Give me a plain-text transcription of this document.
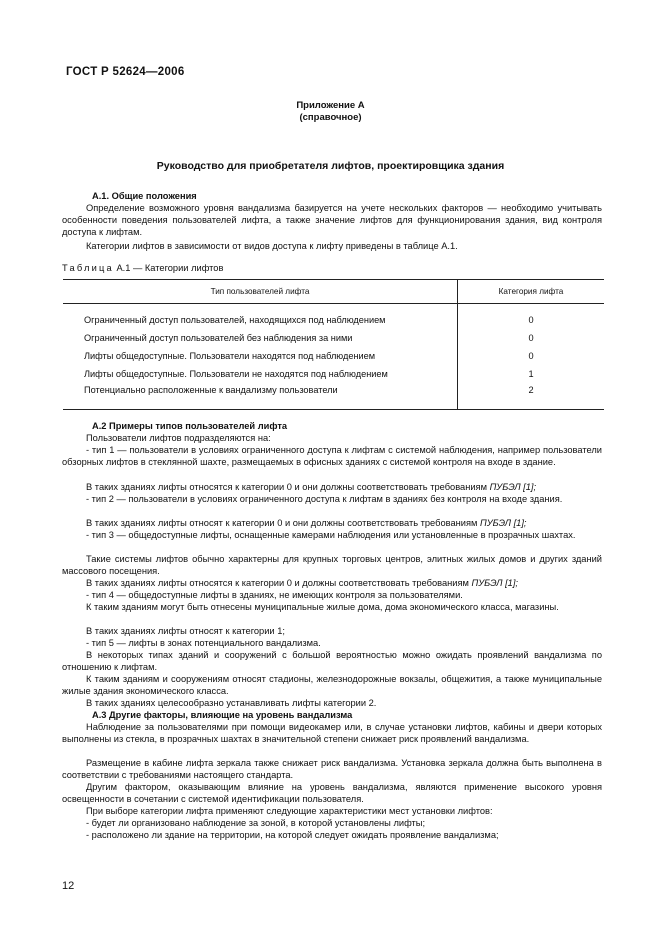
ГОСТ Р 52624—2006
Приложение А
(справочное)
Руководство для приобретателя лифтов, проектировщика здания
А.1. Общие положения
Определение возможного уровня вандализма базируется на учете нескольких факторов — необходимо учитывать особенности поведения пользователей лифта, а также значение лифтов для функционирования здания, вид контроля доступа к лифтам.
Категории лифтов в зависимости от видов доступа к лифту приведены в таблице А.1.
Таблица А.1 — Категории лифтов
Тип пользователей лифта	Категория лифта
Ограниченный доступ пользователей, находящихся под наблюдением	0
Ограниченный доступ пользователей без наблюдения за ними	0
Лифты общедоступные. Пользователи находятся под наблюдением	0
Лифты общедоступные. Пользователи не находятся под наблюдением	1
Потенциально расположенные к вандализму пользователи	2
А.2 Примеры типов пользователей лифта
Пользователи лифтов подразделяются на:
- тип 1 — пользователи в условиях ограниченного доступа к лифтам с системой наблюдения, например пользователи обзорных лифтов в стеклянной шахте, размещаемых в офисных зданиях с системой контроля на входе в здание.
В таких зданиях лифты относятся к категории 0 и они должны соответствовать требованиям ПУБЭЛ [1];
- тип 2 — пользователи в условиях ограниченного доступа к лифтам в зданиях без контроля на входе здания.
В таких зданиях лифты относят к категории 0 и они должны соответствовать требованиям ПУБЭЛ [1];
- тип 3 — общедоступные лифты, оснащенные камерами наблюдения или установленные в прозрачных шахтах.
Такие системы лифтов обычно характерны для крупных торговых центров, элитных жилых домов и других зданий массового посещения.
В таких зданиях лифты относятся к категории 0 и должны соответствовать требованиям ПУБЭЛ [1];
- тип 4 — общедоступные лифты в зданиях, не имеющих контроля за пользователями.
К таким зданиям могут быть отнесены муниципальные жилые дома, дома экономического класса, магазины.
В таких зданиях лифты относят к категории 1;
- тип 5 — лифты в зонах потенциального вандализма.
В некоторых типах зданий и сооружений с большой вероятностью можно ожидать проявлений вандализма по отношению к лифтам.
К таким зданиям и сооружениям относят стадионы, железнодорожные вокзалы, общежития, а также муниципальные жилые здания экономического класса.
В таких зданиях целесообразно устанавливать лифты категории 2.
А.3 Другие факторы, влияющие на уровень вандализма
Наблюдение за пользователями при помощи видеокамер или, в случае установки лифтов, кабины и двери которых выполнены из стекла, в прозрачных шахтах в значительной степени снижает риск проявлений вандализма.
Размещение в кабине лифта зеркала также снижает риск вандализма. Установка зеркала должна быть выполнена в соответствии с требованиями настоящего стандарта.
Другим фактором, оказывающим влияние на уровень вандализма, являются применение высокого уровня освещенности в сочетании с системой идентификации пользователя.
При выборе категории лифта применяют следующие характеристики мест установки лифтов:
- будет ли организовано наблюдение за зоной, в которой установлены лифты;
- расположено ли здание на территории, на которой следует ожидать проявление вандализма;
12
